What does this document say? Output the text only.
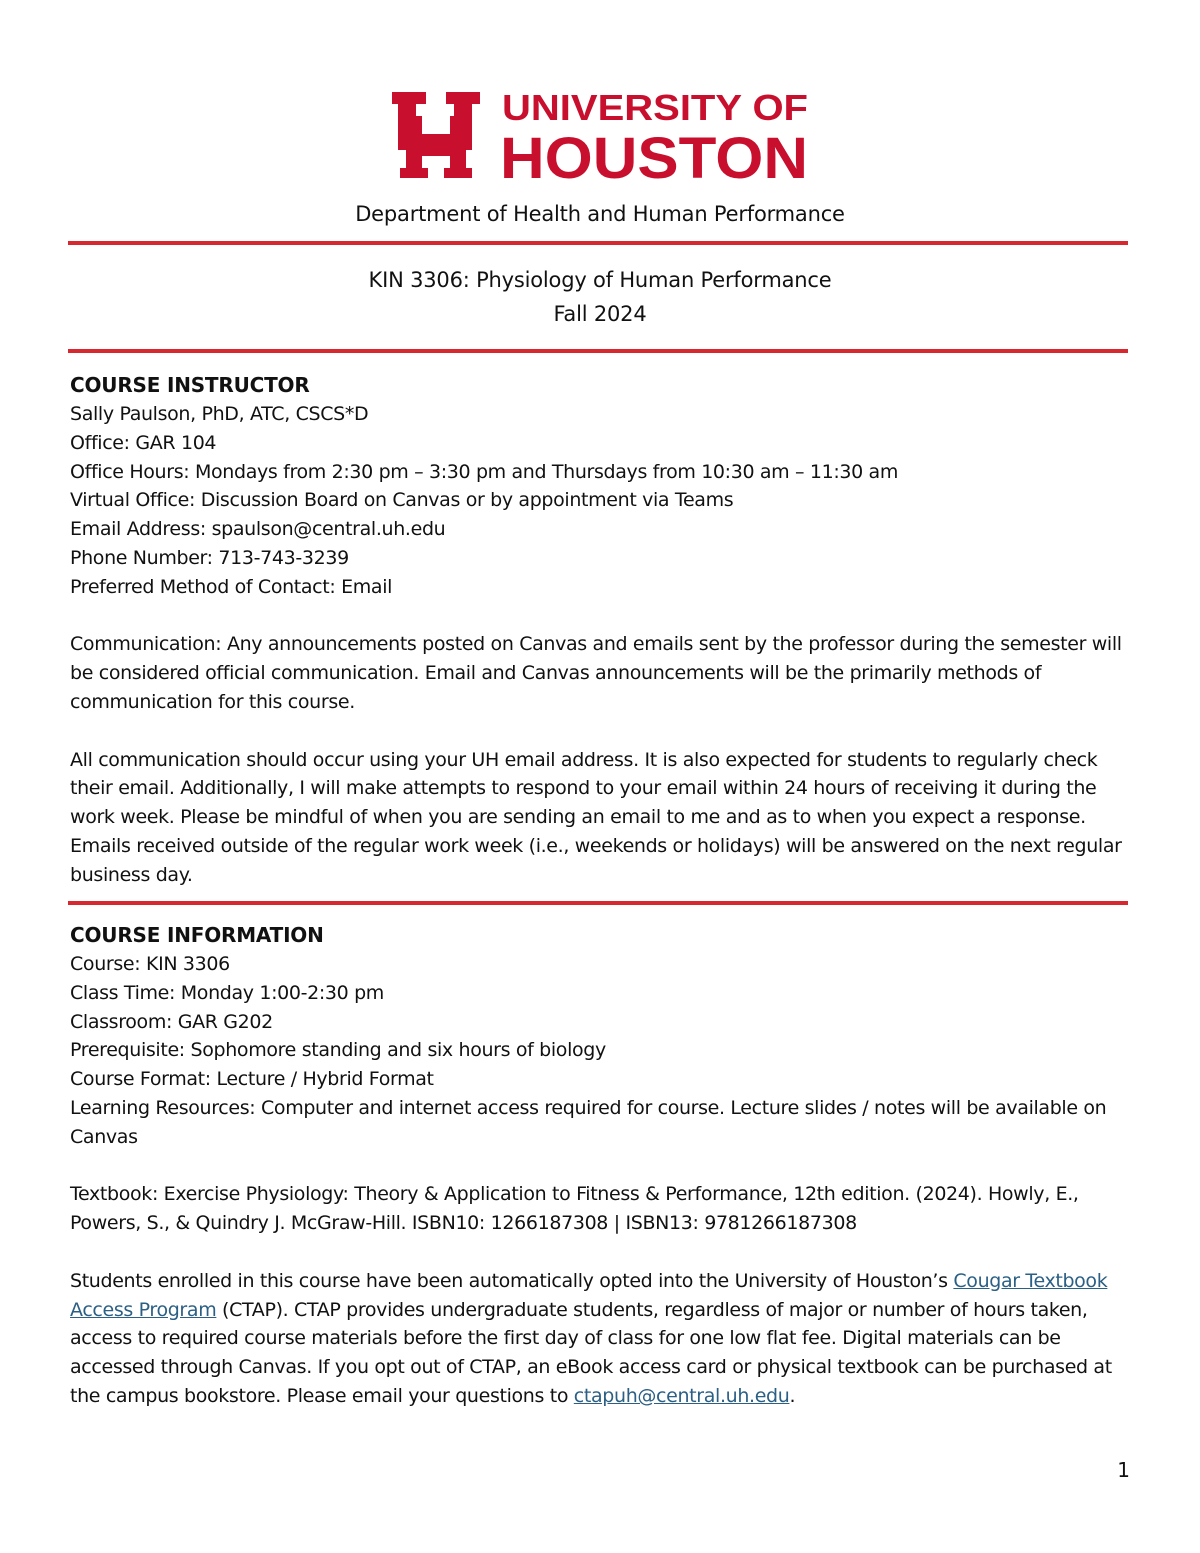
UNIVERSITY OF
HOUSTON
Department of Health and Human Performance
KIN 3306: Physiology of Human Performance
Fall 2024
COURSE INSTRUCTOR
Sally Paulson, PhD, ATC, CSCS*D
Office: GAR 104
Office Hours: Mondays from 2:30 pm – 3:30 pm and Thursdays from 10:30 am – 11:30 am
Virtual Office: Discussion Board on Canvas or by appointment via Teams
Email Address: spaulson@central.uh.edu
Phone Number: 713-743-3239
Preferred Method of Contact: Email

Communication: Any announcements posted on Canvas and emails sent by the professor during the semester will be considered official communication. Email and Canvas announcements will be the primarily methods of communication for this course.

All communication should occur using your UH email address. It is also expected for students to regularly check their email. Additionally, I will make attempts to respond to your email within 24 hours of receiving it during the work week. Please be mindful of when you are sending an email to me and as to when you expect a response. Emails received outside of the regular work week (i.e., weekends or holidays) will be answered on the next regular business day.

COURSE INFORMATION
Course: KIN 3306
Class Time: Monday 1:00-2:30 pm
Classroom: GAR G202
Prerequisite: Sophomore standing and six hours of biology
Course Format: Lecture / Hybrid Format
Learning Resources: Computer and internet access required for course. Lecture slides / notes will be available on Canvas

Textbook: Exercise Physiology: Theory & Application to Fitness & Performance, 12th edition. (2024). Howly, E., Powers, S., & Quindry J. McGraw-Hill. ISBN10: 1266187308 | ISBN13: 9781266187308

Students enrolled in this course have been automatically opted into the University of Houston’s Cougar Textbook Access Program (CTAP). CTAP provides undergraduate students, regardless of major or number of hours taken, access to required course materials before the first day of class for one low flat fee. Digital materials can be accessed through Canvas. If you opt out of CTAP, an eBook access card or physical textbook can be purchased at the campus bookstore. Please email your questions to ctapuh@central.uh.edu.

1
